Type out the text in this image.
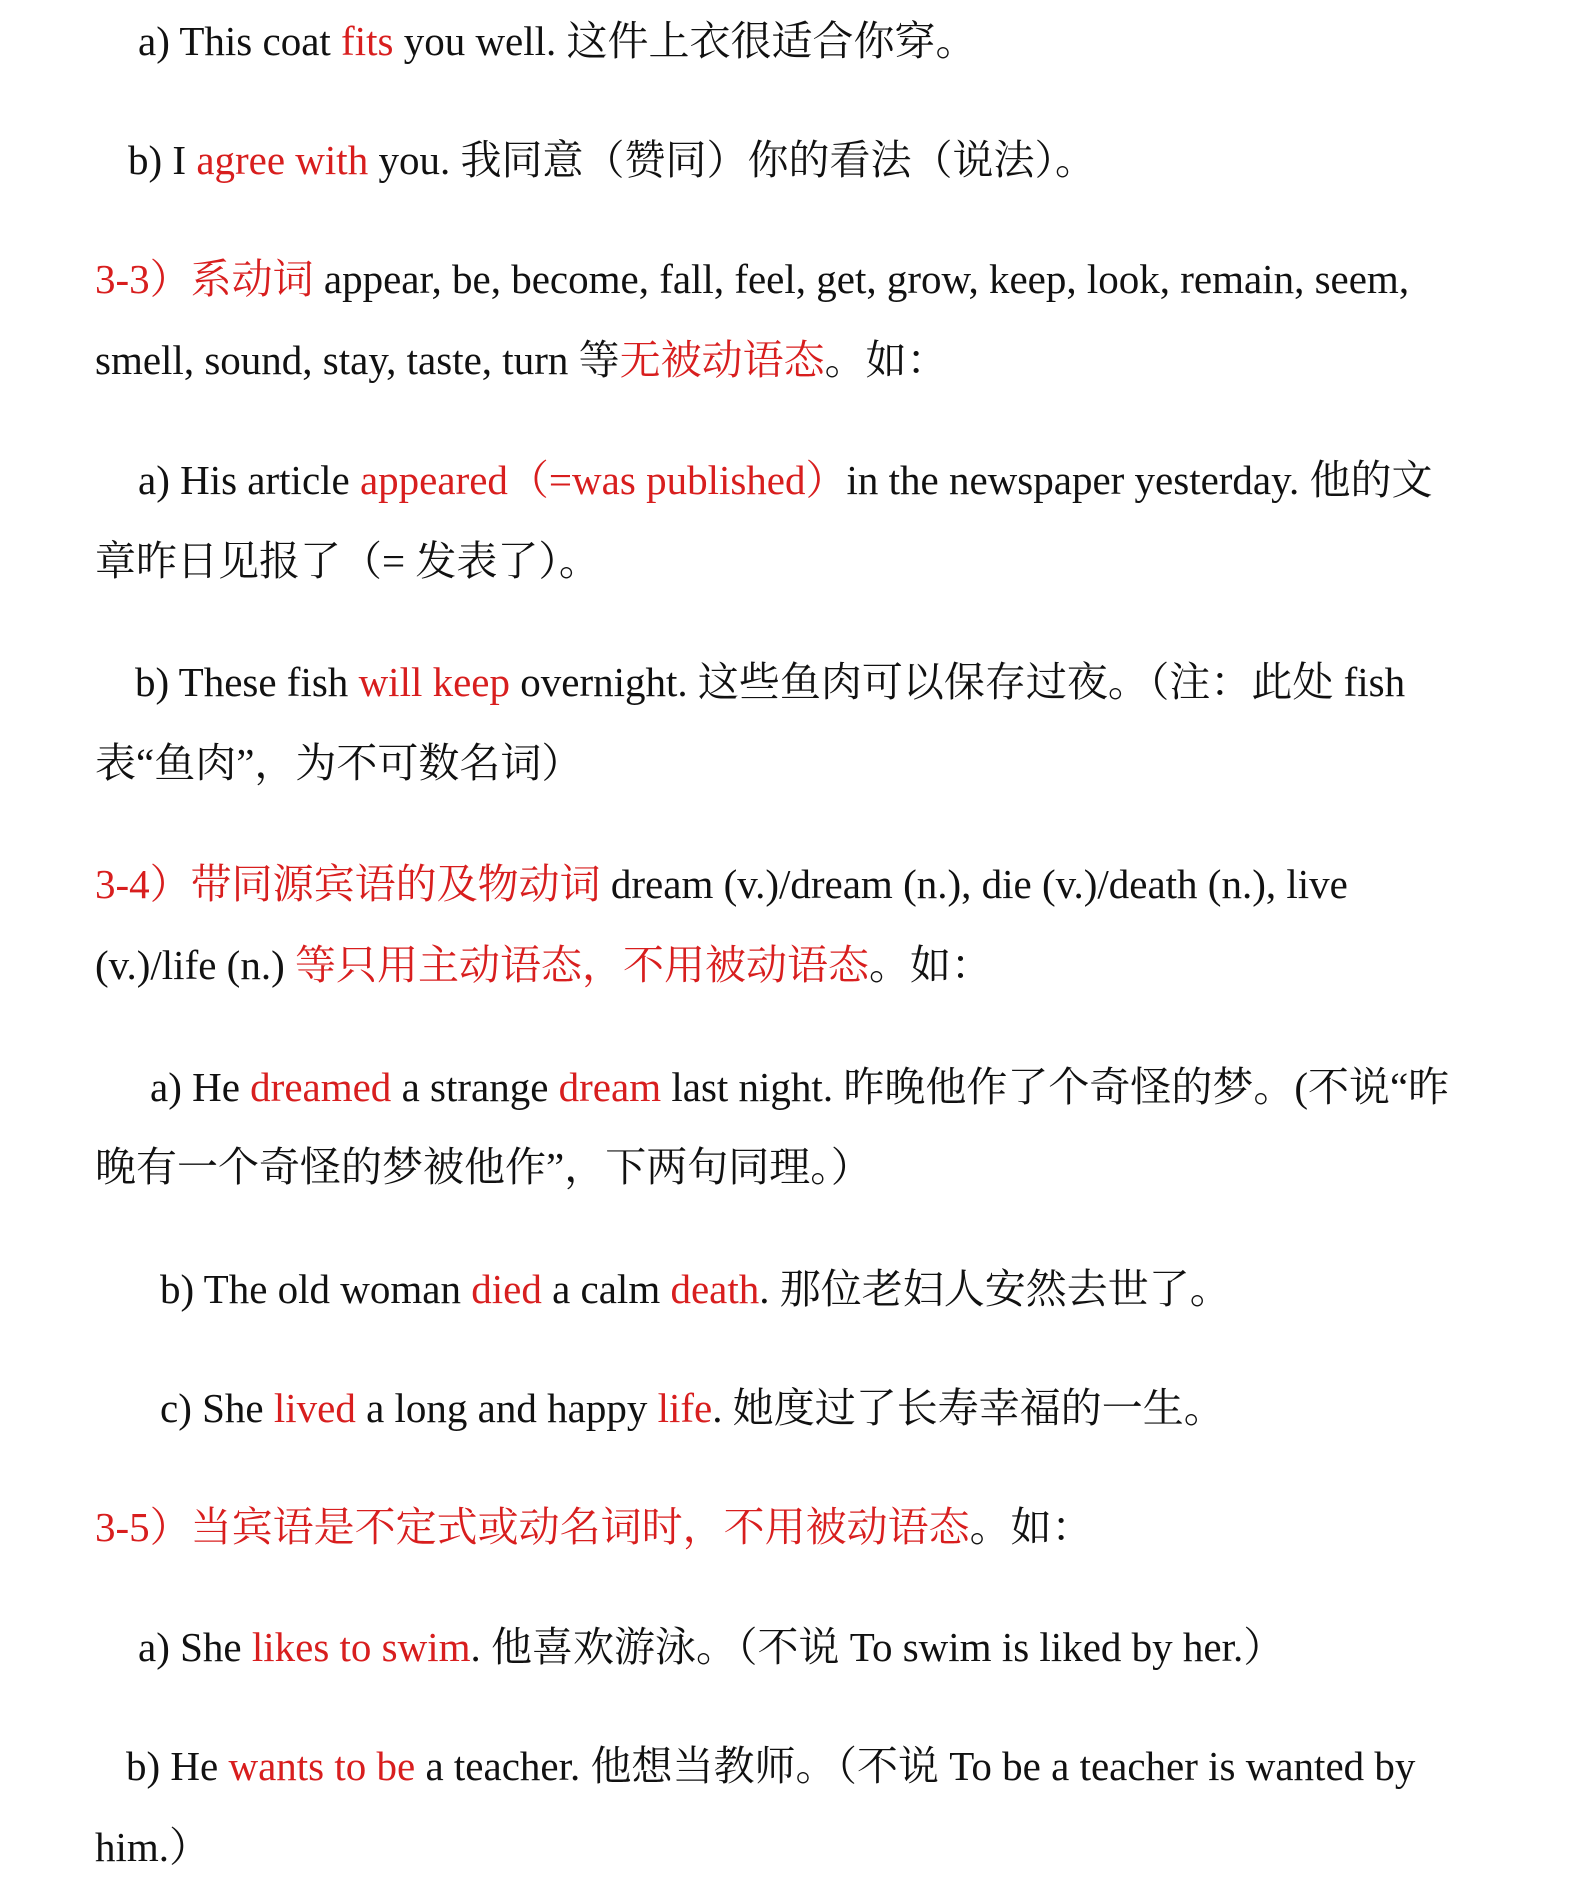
a) This coat fits you well. 这件上衣很适合你穿。
b) I agree with you. 我同意（赞同）你的看法（说法）。
3-3）系动词 appear, be, become, fall, feel, get, grow, keep, look, remain, seem,
smell, sound, stay, taste, turn 等无被动语态。如：
a) His article appeared（=was published）in the newspaper yesterday. 他的文
章昨日见报了（= 发表了）。
b) These fish will keep overnight. 这些鱼肉可以保存过夜。（注：此处 fish
表“鱼肉”，为不可数名词）
3-4）带同源宾语的及物动词 dream (v.)/dream (n.), die (v.)/death (n.), live
(v.)/life (n.) 等只用主动语态，不用被动语态。如：
a) He dreamed a strange dream last night. 昨晚他作了个奇怪的梦。(不说“昨
晚有一个奇怪的梦被他作”，下两句同理。）
b) The old woman died a calm death. 那位老妇人安然去世了。
c) She lived a long and happy life. 她度过了长寿幸福的一生。
3-5）当宾语是不定式或动名词时，不用被动语态。如：
a) She likes to swim. 他喜欢游泳。（不说 To swim is liked by her.）
b) He wants to be a teacher. 他想当教师。（不说 To be a teacher is wanted by
him.）
